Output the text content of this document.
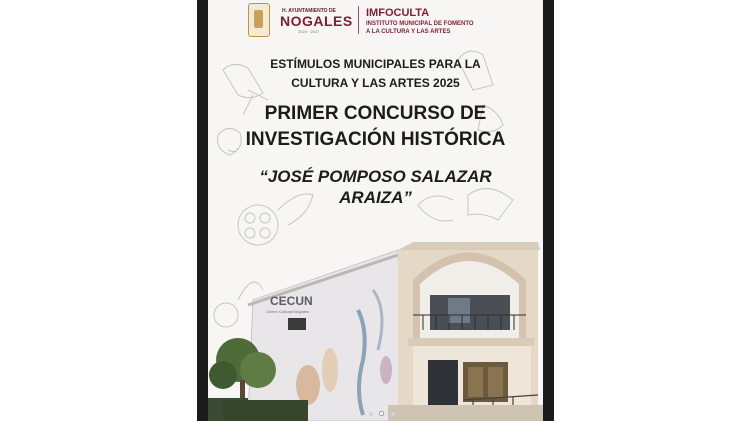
H. AYUNTAMIENTO DE
NOGALES
2024 · 2027
IMFOCULTA
INSTITUTO MUNICIPAL DE FOMENTO
A LA CULTURA Y LAS ARTES
ESTÍMULOS MUNICIPALES PARA LA
CULTURA Y LAS ARTES 2025
PRIMER CONCURSO DE
INVESTIGACIÓN HISTÓRICA
“JOSÉ POMPOSO SALAZAR
ARAIZA”
CECUN
Centro Cultural Nogales
